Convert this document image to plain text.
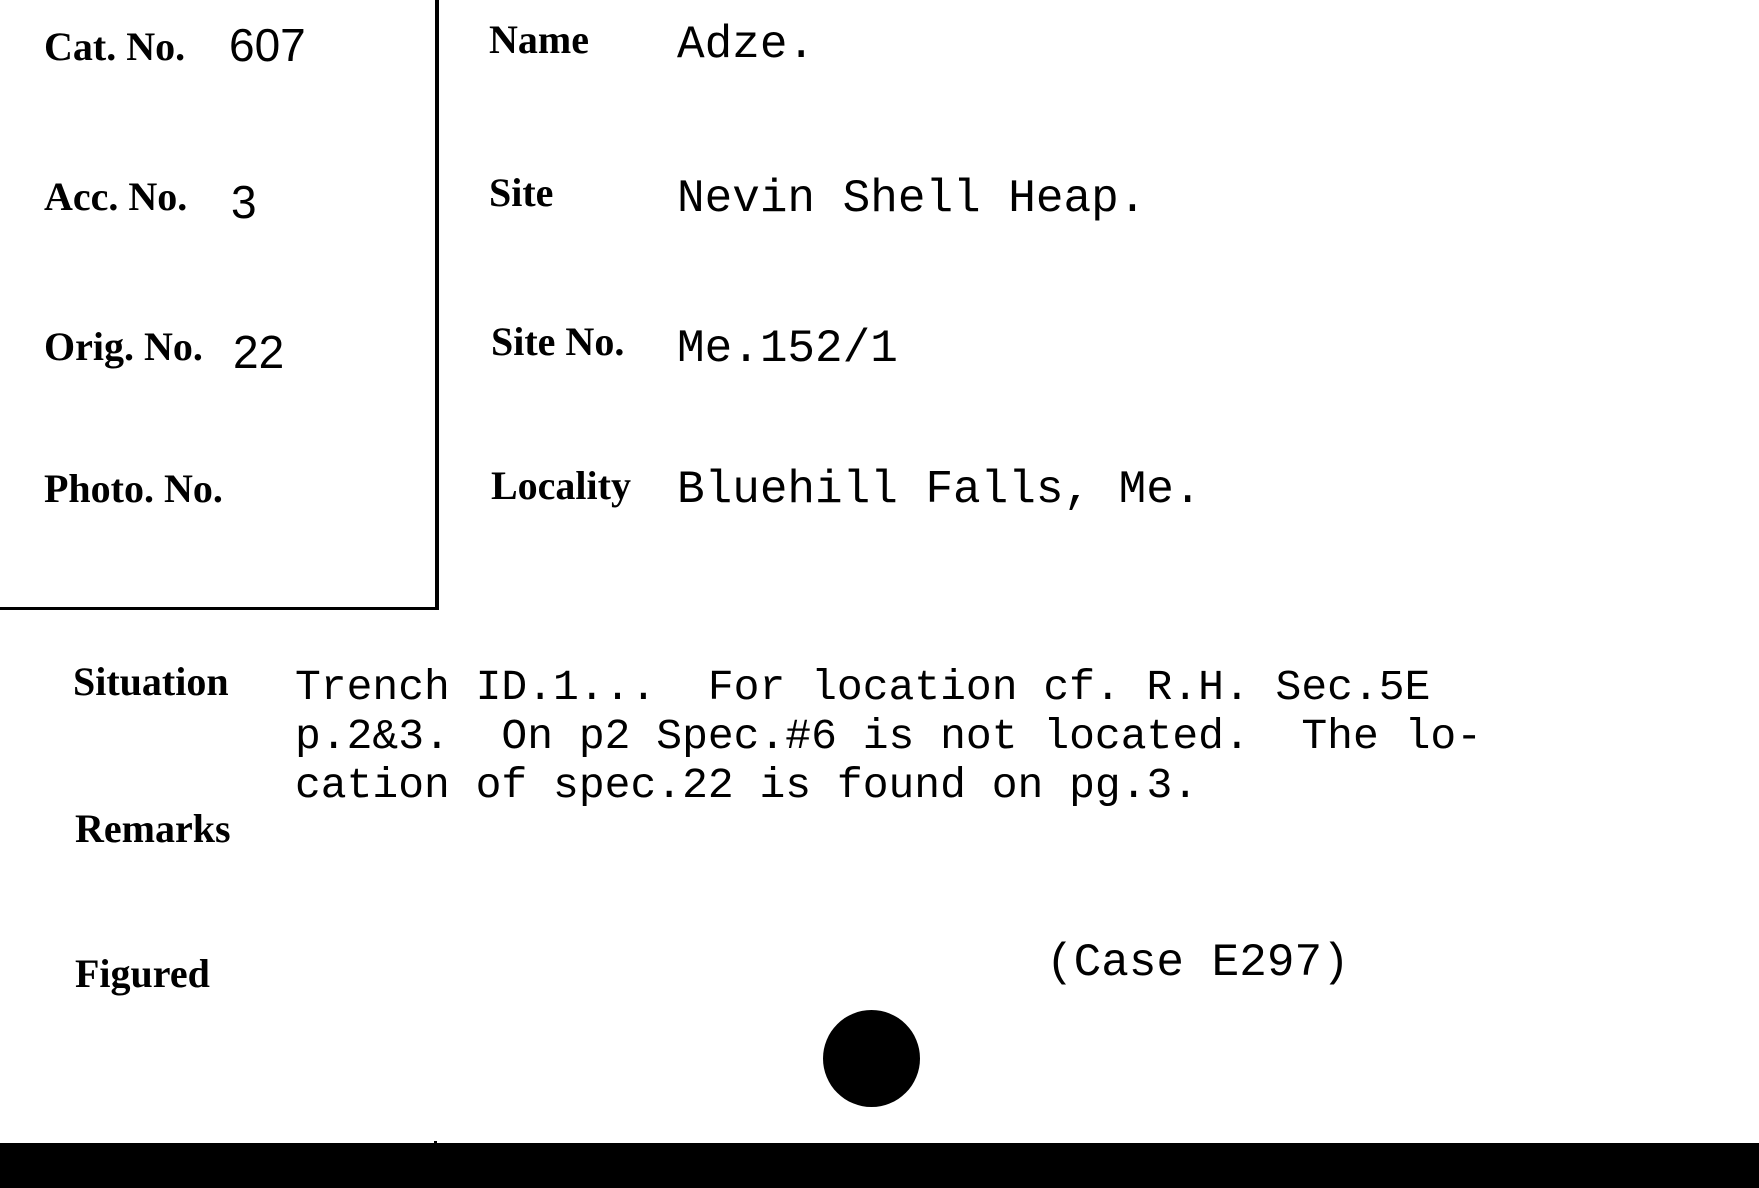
Cat. No. 607
Acc. No. 3
Orig. No. 22
Photo. No.
Name Adze.
Site	Nevin Shell Heap.
Site No. Me.152/1
Locality Bluehill Falls, Me.
Situation Trench ID.1...  For location cf. R.H. Sec.5E
p.2&3.  On p2 Spec.#6 is not located.  The lo-
cation of spec.22 is found on pg.3.
Remarks
Figured	(Case E297)
